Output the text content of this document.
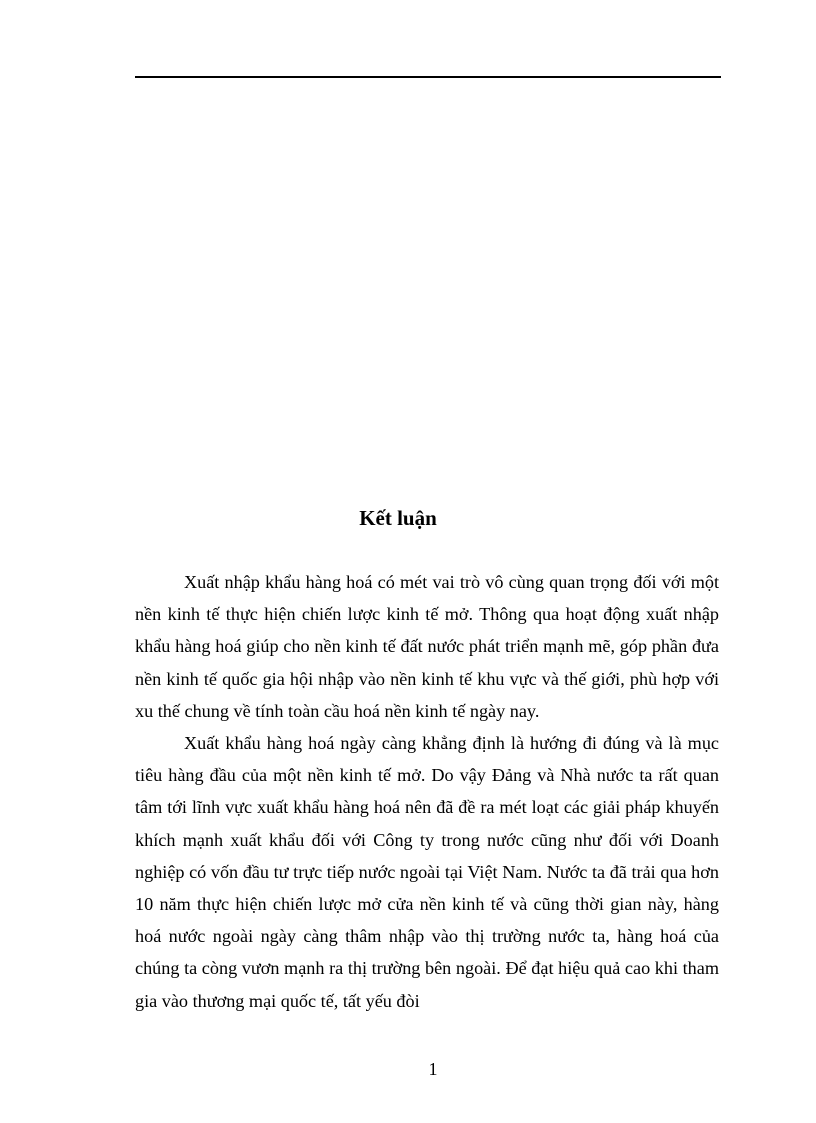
Kết luận

Xuất nhập khẩu hàng hoá có mét vai trò vô cùng quan trọng đối với một nền kinh tế thực hiện chiến lược kinh tế mở. Thông qua hoạt động xuất nhập khẩu hàng hoá giúp cho nền kinh tế đất nước phát triển mạnh mẽ, góp phần đưa nền kinh tế quốc gia hội nhập vào nền kinh tế khu vực và thế giới, phù hợp với xu thế chung về tính toàn cầu hoá nền kinh tế ngày nay.

Xuất khẩu hàng hoá ngày càng khẳng định là hướng đi đúng và là mục tiêu hàng đầu của một nền kinh tế mở. Do vậy Đảng và Nhà nước ta rất quan tâm tới lĩnh vực xuất khẩu hàng hoá nên đã đề ra mét loạt các giải pháp khuyến khích mạnh xuất khẩu đối với Công ty trong nước cũng như đối với Doanh nghiệp có vốn đầu tư trực tiếp nước ngoài tại Việt Nam. Nước ta đã trải qua hơn 10 năm thực hiện chiến lược mở cửa nền kinh tế và cũng thời gian này, hàng hoá nước ngoài ngày càng thâm nhập vào thị trường nước ta, hàng hoá của chúng ta còng vươn mạnh ra thị trường bên ngoài. Để đạt hiệu quả cao khi tham gia vào thương mại quốc tế, tất yếu đòi

1
